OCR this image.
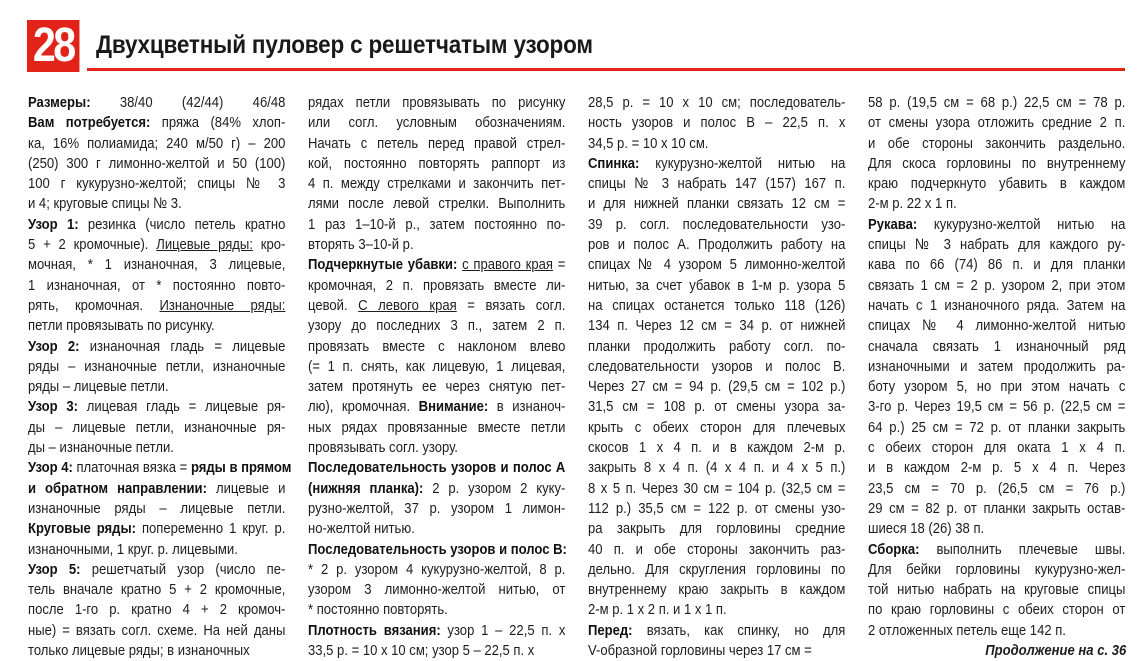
28 Двухцветный пуловер с решетчатым узором
Размеры: 38/40 (42/44) 46/48
Вам потребуется: пряжа (84% хлоп-
ка, 16% полиамида; 240 м/50 г) – 200
(250) 300 г лимонно-желтой и 50 (100)
100 г кукурузно-желтой; спицы № 3
и 4; круговые спицы № 3.
Узор 1: резинка (число петель кратно
5 + 2 кромочные). Лицевые ряды: кро-
мочная, * 1 изнаночная, 3 лицевые,
1 изнаночная, от * постоянно повто-
рять, кромочная. Изнаночные ряды:
петли провязывать по рисунку.
Узор 2: изнаночная гладь = лицевые
ряды – изнаночные петли, изнаночные
ряды – лицевые петли.
Узор 3: лицевая гладь = лицевые ря-
ды – лицевые петли, изнаночные ря-
ды – изнаночные петли.
Узор 4: платочная вязка = ряды в прямом
и обратном направлении: лицевые и
изнаночные ряды – лицевые петли.
Круговые ряды: попеременно 1 круг. р.
изнаночными, 1 круг. р. лицевыми.
Узор 5: решетчатый узор (число пе-
тель вначале кратно 5 + 2 кромочные,
после 1-го р. кратно 4 + 2 кромоч-
ные) = вязать согл. схеме. На ней даны
только лицевые ряды; в изнаночных
рядах петли провязывать по рисунку
или согл. условным обозначениям.
Начать с петель перед правой стрел-
кой, постоянно повторять раппорт из
4 п. между стрелками и закончить пет-
лями после левой стрелки. Выполнить
1 раз 1–10-й р., затем постоянно по-
вторять 3–10-й р.
Подчеркнутые убавки: с правого края =
кромочная, 2 п. провязать вместе ли-
цевой. С левого края = вязать согл.
узору до последних 3 п., затем 2 п.
провязать вместе с наклоном влево
(= 1 п. снять, как лицевую, 1 лицевая,
затем протянуть ее через снятую пет-
лю), кромочная. Внимание: в изнаноч-
ных рядах провязанные вместе петли
провязывать согл. узору.
Последовательность узоров и полос А
(нижняя планка): 2 р. узором 2 куку-
рузно-желтой, 37 р. узором 1 лимон-
но-желтой нитью.
Последовательность узоров и полос В:
* 2 р. узором 4 кукурузно-желтой, 8 р.
узором 3 лимонно-желтой нитью, от
* постоянно повторять.
Плотность вязания: узор 1 – 22,5 п. х
33,5 р. = 10 х 10 см; узор 5 – 22,5 п. х
28,5 р. = 10 х 10 см; последователь-
ность узоров и полос В – 22,5 п. х
34,5 р. = 10 х 10 см.
Спинка: кукурузно-желтой нитью на
спицы № 3 набрать 147 (157) 167 п.
и для нижней планки связать 12 см =
39 р. согл. последовательности узо-
ров и полос А. Продолжить работу на
спицах № 4 узором 5 лимонно-желтой
нитью, за счет убавок в 1-м р. узора 5
на спицах останется только 118 (126)
134 п. Через 12 см = 34 р. от нижней
планки продолжить работу согл. по-
следовательности узоров и полос В.
Через 27 см = 94 р. (29,5 см = 102 р.)
31,5 см = 108 р. от смены узора за-
крыть с обеих сторон для плечевых
скосов 1 х 4 п. и в каждом 2-м р.
закрыть 8 х 4 п. (4 х 4 п. и 4 х 5 п.)
8 х 5 п. Через 30 см = 104 р. (32,5 см =
112 р.) 35,5 см = 122 р. от смены узо-
ра закрыть для горловины средние
40 п. и обе стороны закончить раз-
дельно. Для скругления горловины по
внутреннему краю закрыть в каждом
2-м р. 1 х 2 п. и 1 х 1 п.
Перед: вязать, как спинку, но для
V-образной горловины через 17 см =
58 р. (19,5 см = 68 р.) 22,5 см = 78 р.
от смены узора отложить средние 2 п.
и обе стороны закончить раздельно.
Для скоса горловины по внутреннему
краю подчеркнуто убавить в каждом
2-м р. 22 х 1 п.
Рукава: кукурузно-желтой нитью на
спицы № 3 набрать для каждого ру-
кава по 66 (74) 86 п. и для планки
связать 1 см = 2 р. узором 2, при этом
начать с 1 изнаночного ряда. Затем на
спицах № 4 лимонно-желтой нитью
сначала связать 1 изнаночный ряд
изнаночными и затем продолжить ра-
боту узором 5, но при этом начать с
3-го р. Через 19,5 см = 56 р. (22,5 см =
64 р.) 25 см = 72 р. от планки закрыть
с обеих сторон для оката 1 х 4 п.
и в каждом 2-м р. 5 х 4 п. Через
23,5 см = 70 р. (26,5 см = 76 р.)
29 см = 82 р. от планки закрыть остав-
шиеся 18 (26) 38 п.
Сборка: выполнить плечевые швы.
Для бейки горловины кукурузно-жел-
той нитью набрать на круговые спицы
по краю горловины с обеих сторон от
2 отложенных петель еще 142 п.
Продолжение на с. 36
